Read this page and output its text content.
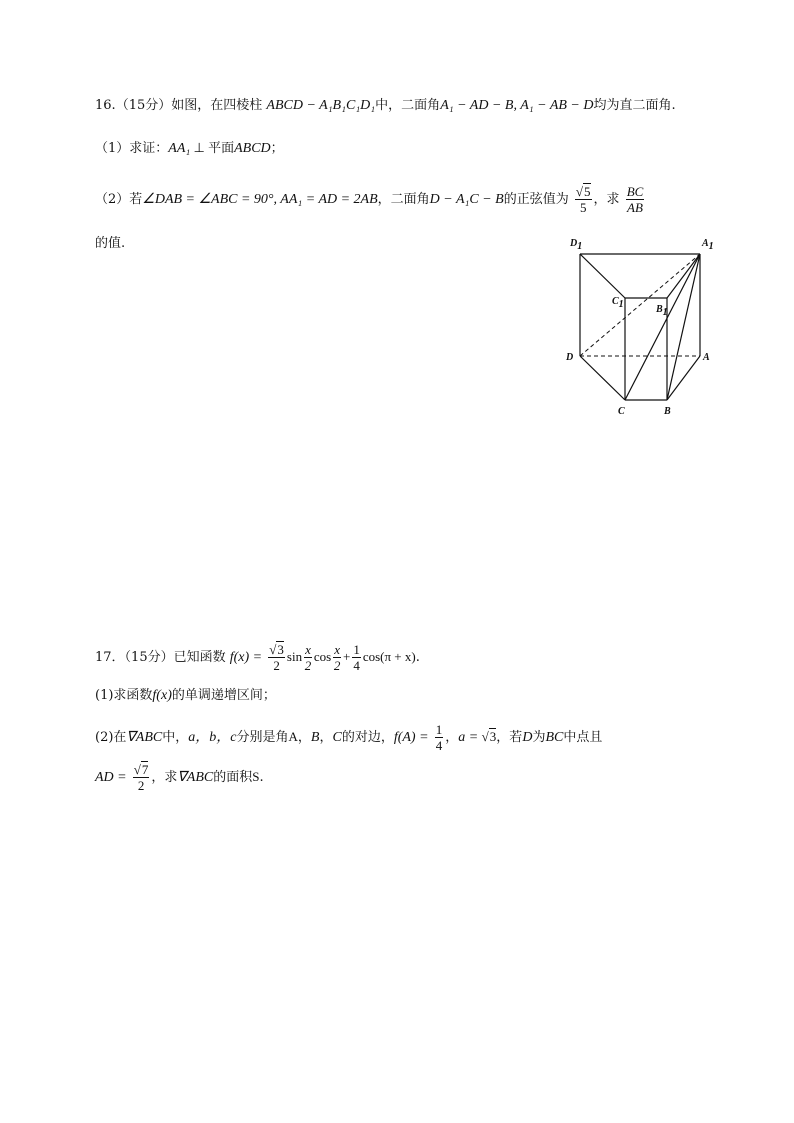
16.（15分）如图，在四棱柱 ABCD − A₁B₁C₁D₁中，二面角A₁ − AD − B, A₁ − AB − D均为直二面角.
（1）求证：AA₁ ⊥ 平面ABCD；
（2）若∠DAB = ∠ABC = 90°, AA₁ = AD = 2AB，二面角D − A₁C − B的正弦值为 $\frac{√5}{5}$ ，求 $\frac{BC}{AB}$
的值.	D1	A1
C1	B1
D	A
C	B
17．（15分）已知函数 $f(x) = \frac{√3}{2}$ $\sin \frac{x}{2}$ $\cos \frac{x}{2} + \frac{1}{4} \cos(\pi + x)$.
(1)求函数f(x)的单调递增区间；
(2)在∇ABC中，a，b，c分别是角A，B，C的对边，$f(A) = \frac{1}{4}$ ，a = √3，若D为BC中点且
AD = $\frac{√7}{2}$ ，求∇ABC的面积S.
